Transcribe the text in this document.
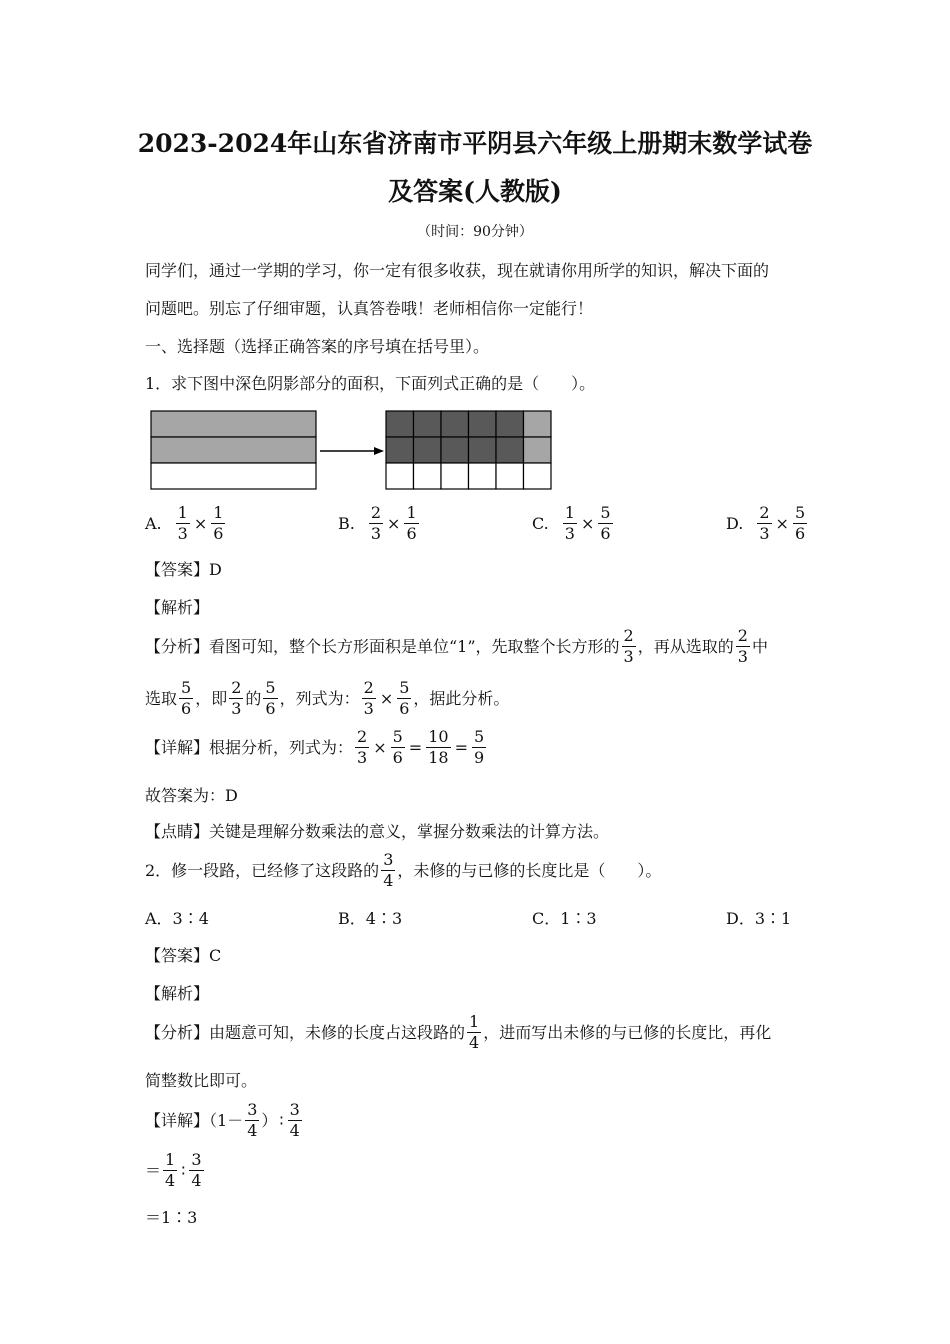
2023-2024年山东省济南市平阴县六年级上册期末数学试卷
及答案(人教版)
（时间：90分钟）
同学们，通过一学期的学习，你一定有很多收获，现在就请你用所学的知识，解决下面的
问题吧。别忘了仔细审题，认真答卷哦！老师相信你一定能行！
一、选择题（选择正确答案的序号填在括号里）。
1．求下图中深色阴影部分的面积，下面列式正确的是（　　）。
A. $\frac{1}{3} \times \frac{1}{6}$	B. $\frac{2}{3} \times \frac{1}{6}$	C. $\frac{1}{3} \times \frac{5}{6}$	D. $\frac{2}{3} \times \frac{5}{6}$
【答案】D
【解析】
【分析】看图可知，整个长方形面积是单位“1”，先取整个长方形的 $\frac{2}{3}$ ，再从选取的 $\frac{2}{3}$ 中
选取 $\frac{5}{6}$ ，即 $\frac{2}{3}$ 的 $\frac{5}{6}$ ，列式为： $\frac{2}{3} \times \frac{5}{6}$ ，据此分析。
【详解】根据分析，列式为： $\frac{2}{3} \times \frac{5}{6} = \frac{10}{18} = \frac{5}{9}$
故答案为：D
【点睛】关键是理解分数乘法的意义，掌握分数乘法的计算方法。
2．修一段路，已经修了这段路的 $\frac{3}{4}$ ，未修的与已修的长度比是（　　）。
A．3∶4	B．4∶3	C．1∶3	D．3∶1
【答案】C
【解析】
【分析】由题意可知，未修的长度占这段路的 $\frac{1}{4}$ ，进而写出未修的与已修的长度比，再化
简整数比即可。
【详解】（$1- \frac{3}{4}$ ） ∶ $\frac{3}{4}$
＝ $\frac{1}{4}$ ∶ $\frac{3}{4}$
＝1∶3
